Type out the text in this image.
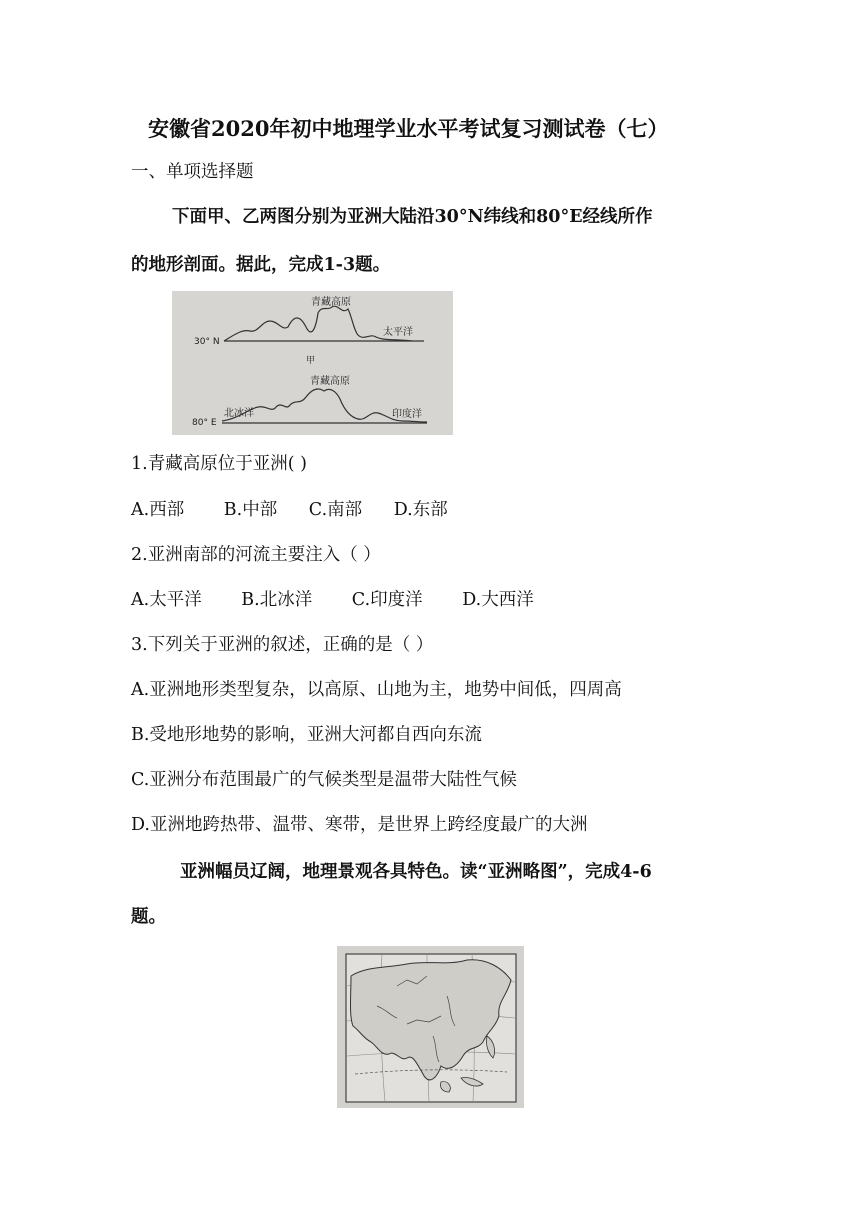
安徽省2020年初中地理学业水平考试复习测试卷（七）
一、单项选择题
下面甲、乙两图分别为亚洲大陆沿30°N纬线和80°E经线所作
的地形剖面。据此，完成1-3题。
青藏高原
30° N
太平洋
甲
青藏高原
80° E
北冰洋	印度洋
1.青藏高原位于亚洲( )
A.西部 B.中部 C.南部 D.东部
2.亚洲南部的河流主要注入（ ）
A.太平洋 B.北冰洋 C.印度洋 D.大西洋
3.下列关于亚洲的叙述，正确的是（ ）
A.亚洲地形类型复杂，以高原、山地为主，地势中间低，四周高
B.受地形地势的影响，亚洲大河都自西向东流
C.亚洲分布范围最广的气候类型是温带大陆性气候
D.亚洲地跨热带、温带、寒带，是世界上跨经度最广的大洲
亚洲幅员辽阔，地理景观各具特色。读“亚洲略图”，完成4-6
题。
